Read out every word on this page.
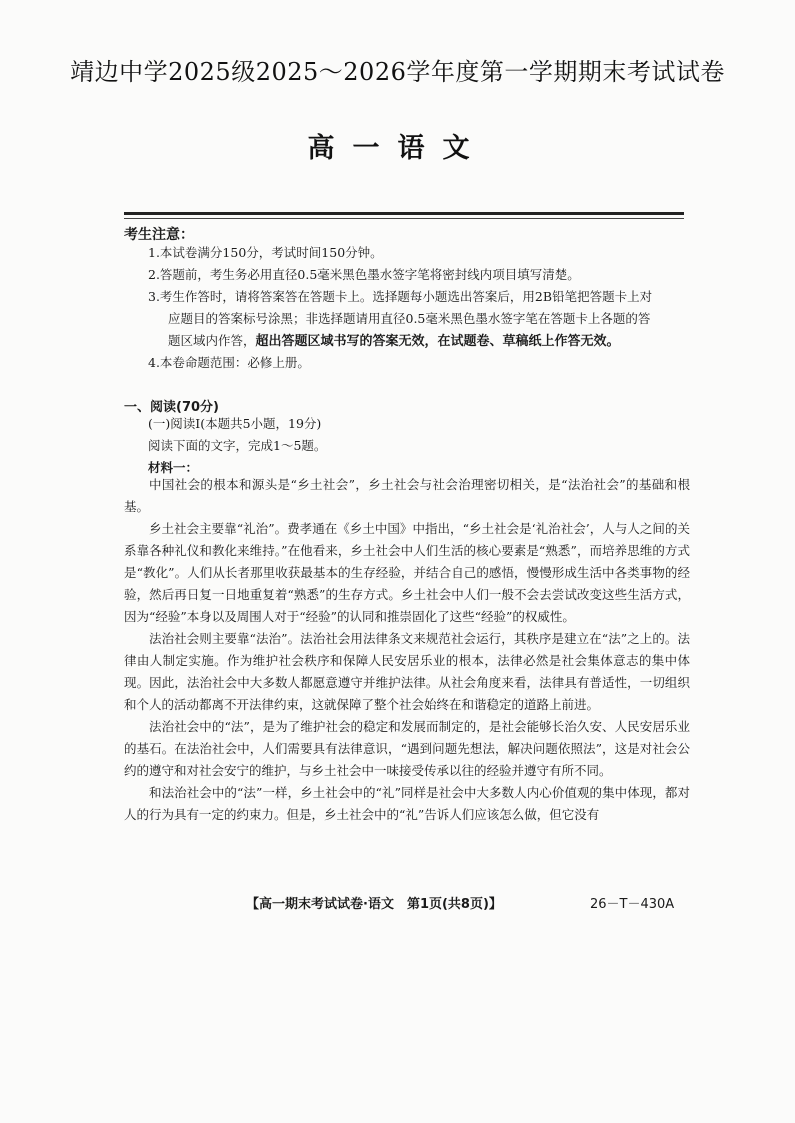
靖边中学2025级2025～2026学年度第一学期期末考试试卷
高一语文
考生注意：
1.本试卷满分150分，考试时间150分钟。
2.答题前，考生务必用直径0.5毫米黑色墨水签字笔将密封线内项目填写清楚。
3.考生作答时，请将答案答在答题卡上。选择题每小题选出答案后，用2B铅笔把答题卡上对
应题目的答案标号涂黑；非选择题请用直径0.5毫米黑色墨水签字笔在答题卡上各题的答
题区域内作答，超出答题区域书写的答案无效，在试题卷、草稿纸上作答无效。
4.本卷命题范围：必修上册。
一、阅读(70分)
(一)阅读Ⅰ(本题共5小题，19分)
阅读下面的文字，完成1～5题。
材料一：

中国社会的根本和源头是“乡土社会”，乡土社会与社会治理密切相关，是“法治社会”的基础和根基。

乡土社会主要靠“礼治”。费孝通在《乡土中国》中指出，“乡土社会是‘礼治社会’，人与人之间的关系靠各种礼仪和教化来维持。”在他看来，乡土社会中人们生活的核心要素是“熟悉”，而培养思维的方式是“教化”。人们从长者那里收获最基本的生存经验，并结合自己的感悟，慢慢形成生活中各类事物的经验，然后再日复一日地重复着“熟悉”的生存方式。乡土社会中人们一般不会去尝试改变这些生活方式，因为“经验”本身以及周围人对于“经验”的认同和推崇固化了这些“经验”的权威性。

法治社会则主要靠“法治”。法治社会用法律条文来规范社会运行，其秩序是建立在“法”之上的。法律由人制定实施。作为维护社会秩序和保障人民安居乐业的根本，法律必然是社会集体意志的集中体现。因此，法治社会中大多数人都愿意遵守并维护法律。从社会角度来看，法律具有普适性，一切组织和个人的活动都离不开法律约束，这就保障了整个社会始终在和谐稳定的道路上前进。

法治社会中的“法”，是为了维护社会的稳定和发展而制定的，是社会能够长治久安、人民安居乐业的基石。在法治社会中，人们需要具有法律意识，“遇到问题先想法，解决问题依照法”，这是对社会公约的遵守和对社会安宁的维护，与乡土社会中一味接受传承以往的经验并遵守有所不同。

和法治社会中的“法”一样，乡土社会中的“礼”同样是社会中大多数人内心价值观的集中体现，都对人的行为具有一定的约束力。但是，乡土社会中的“礼”告诉人们应该怎么做，但它没有

【高一期末考试试卷·语文　第1页(共8页)】	26－T－430A
